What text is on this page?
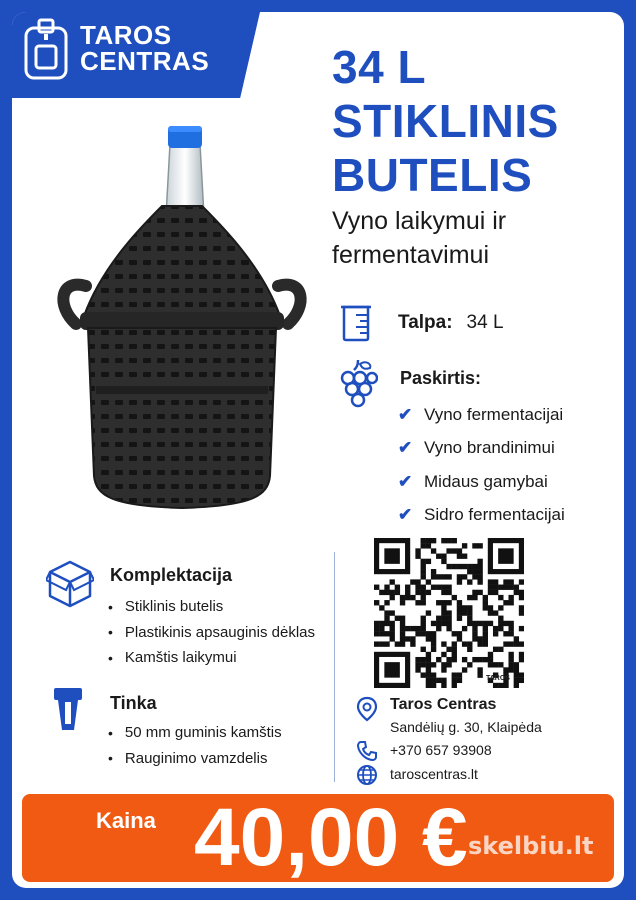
TAROS
CENTRAS	34 L
STIKLINIS
BUTELIS
Vyno laikymui ir
fermentavimui
Talpa: 34 L
Paskirtis:
✔ Vyno fermentacijai
✔ Vyno brandinimui
✔ Midaus gamybai
✔ Sidro fermentacijai
Komplektacija
• Stiklinis butelis
• Plastikinis apsauginis dėklas
• Kamštis laikymui
Tinka
• 50 mm guminis kamštis
• Rauginimo vamzdelis
TAROS
Taros Centras
Sandėlių g. 30, Klaipėda
+370 657 93908
taroscentras.lt
Kaina 40,00 € skelbiu.lt
